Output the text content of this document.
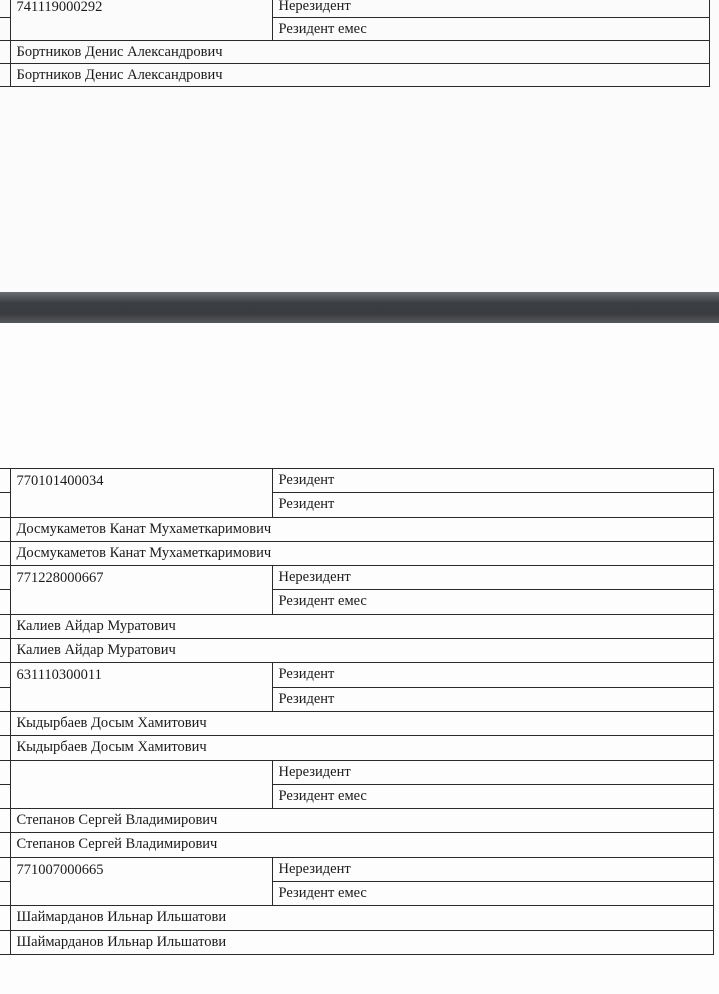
	741119000292	Нерезидент
		Резидент емес
	Бортников Денис Александрович	
	Бортников Денис Александрович	
	770101400034	Резидент
		Резидент
	Досмукаметов Канат Мухаметкаримович	
	Досмукаметов Канат Мухаметкаримович	
	771228000667	Нерезидент
		Резидент емес
	Калиев Айдар Муратович	
	Калиев Айдар Муратович	
	631110300011	Резидент
		Резидент
	Кыдырбаев Досым Хамитович	
	Кыдырбаев Досым Хамитович	
		Нерезидент
		Резидент емес
	Степанов Сергей Владимирович	
	Степанов Сергей Владимирович	
	771007000665	Нерезидент
		Резидент емес
	Шаймарданов Ильнар Ильшатови	
	Шаймарданов Ильнар Ильшатови	
